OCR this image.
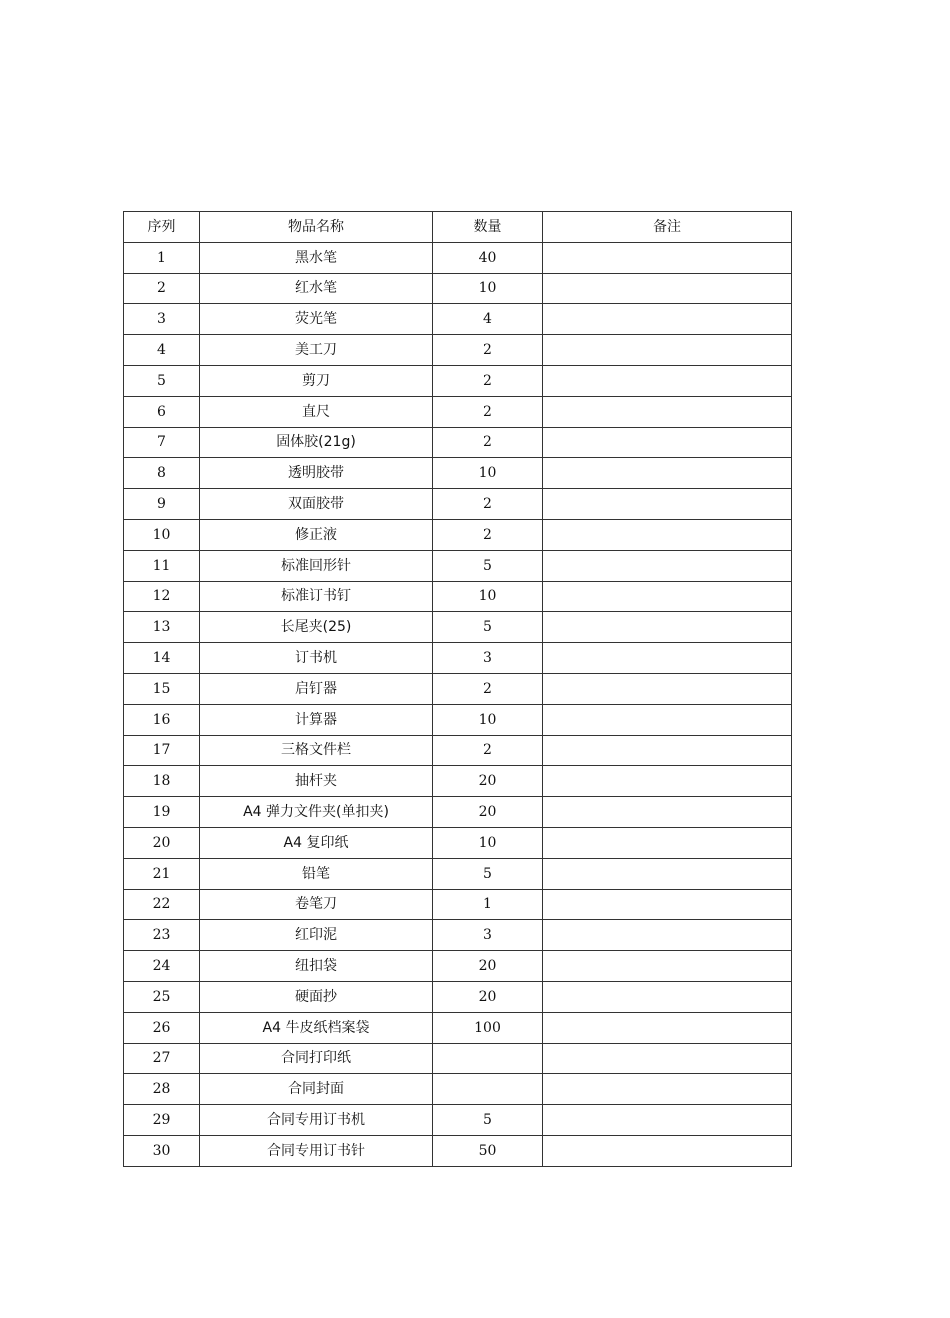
序列	物品名称	数量	备注
1	黑水笔	40	
2	红水笔	10	
3	荧光笔	4	
4	美工刀	2	
5	剪刀	2	
6	直尺	2	
7	固体胶(21g)	2	
8	透明胶带	10	
9	双面胶带	2	
10	修正液	2	
11	标准回形针	5	
12	标准订书钉	10	
13	长尾夹(25)	5	
14	订书机	3	
15	启钉器	2	
16	计算器	10	
17	三格文件栏	2	
18	抽杆夹	20	
19	A4 弹力文件夹(单扣夹)	20	
20	A4 复印纸	10	
21	铅笔	5	
22	卷笔刀	1	
23	红印泥	3	
24	纽扣袋	20	
25	硬面抄	20	
26	A4 牛皮纸档案袋	100	
27	合同打印纸		
28	合同封面		
29	合同专用订书机	5	
30	合同专用订书针	50	
